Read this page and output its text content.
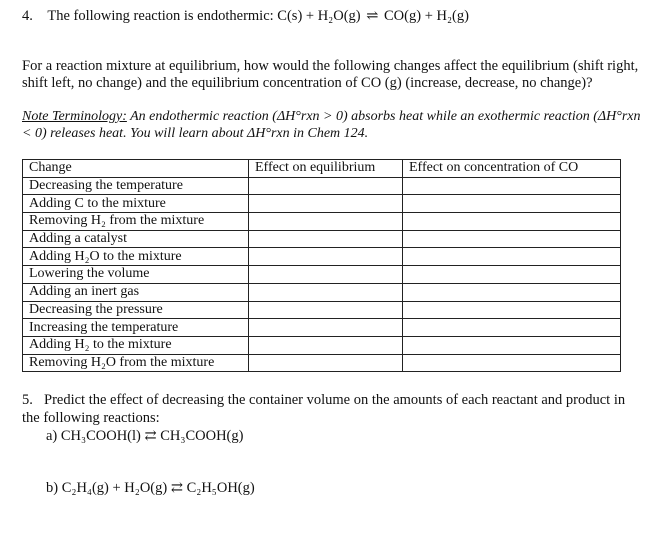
4. The following reaction is endothermic: C(s) + H₂O(g) ⇌ CO(g) + H₂(g)
For a reaction mixture at equilibrium, how would the following changes affect the equilibrium (shift right, shift left, no change) and the equilibrium concentration of CO (g) (increase, decrease, no change)?
Note Terminology: An endothermic reaction (ΔH°rxn > 0) absorbs heat while an exothermic reaction (ΔH°rxn < 0) releases heat. You will learn about ΔH°rxn in Chem 124.
Change	Effect on equilibrium	Effect on concentration of CO
Decreasing the temperature		
Adding C to the mixture		
Removing H₂ from the mixture		
Adding a catalyst		
Adding H₂O to the mixture		
Lowering the volume		
Adding an inert gas		
Decreasing the pressure		
Increasing the temperature		
Adding H₂ to the mixture		
Removing H₂O from the mixture		
5. Predict the effect of decreasing the container volume on the amounts of each reactant and product in the following reactions:
a) CH₃COOH(l) ⇄ CH₃COOH(g)
b) C₂H₄(g) + H₂O(g) ⇄ C₂H₅OH(g)
